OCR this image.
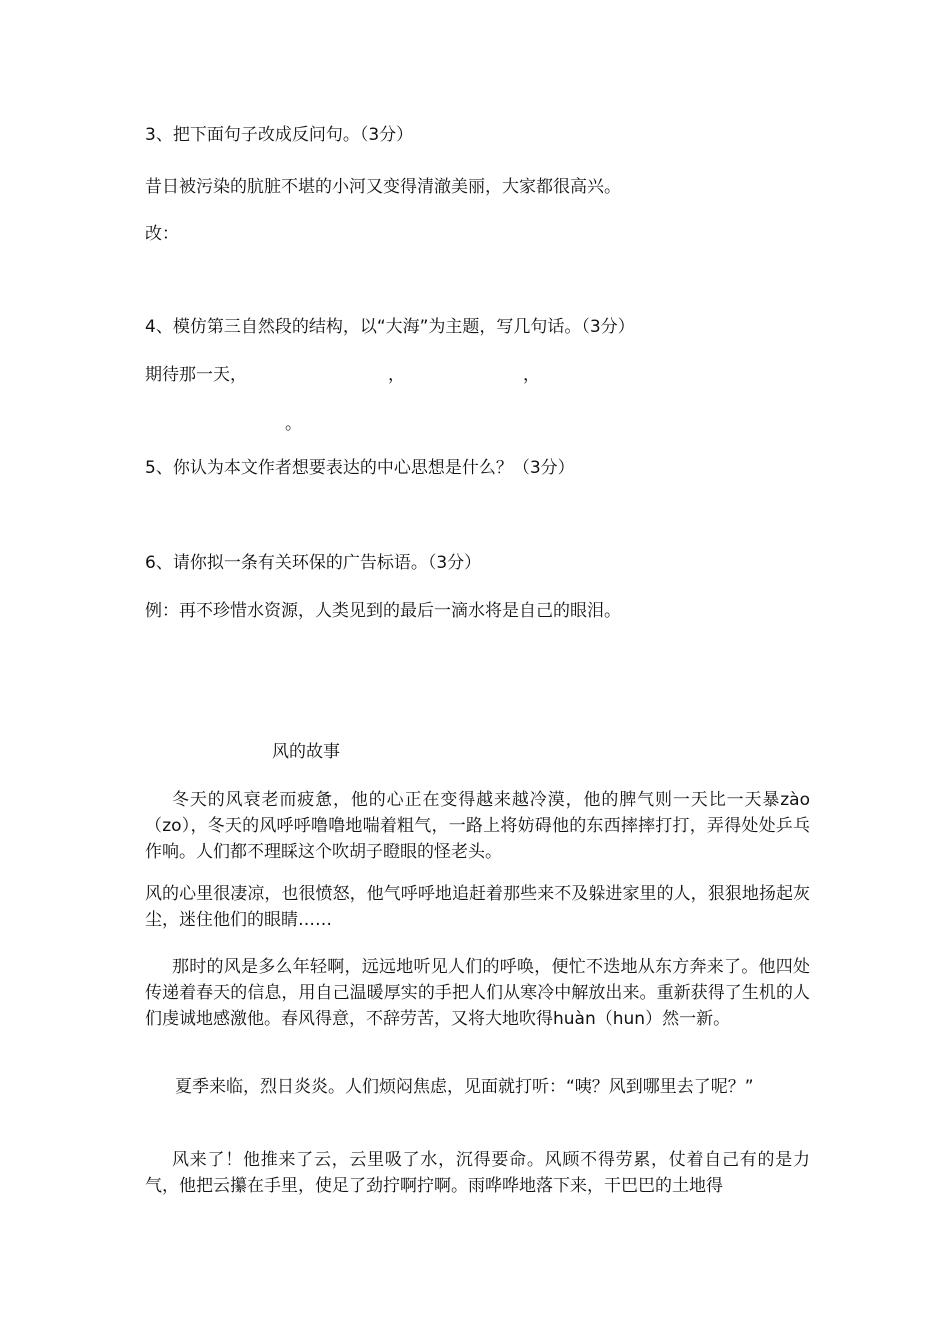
3、把下面句子改成反问句。（3分）

昔日被污染的肮脏不堪的小河又变得清澈美丽，大家都很高兴。

改：

4、模仿第三自然段的结构，以“大海”为主题，写几句话。（3分）

期待那一天，	，	，
。

5、你认为本文作者想要表达的中心思想是什么？（3分）

6、请你拟一条有关环保的广告标语。（3分）

例：再不珍惜水资源，人类见到的最后一滴水将是自己的眼泪。

风的故事

冬天的风衰老而疲惫，他的心正在变得越来越冷漠，他的脾气则一天比一天暴zào（zo），冬天的风呼呼噜噜地喘着粗气，一路上将妨碍他的东西摔摔打打，弄得处处乒乓作响。人们都不理睬这个吹胡子瞪眼的怪老头。

风的心里很凄凉，也很愤怒，他气呼呼地追赶着那些来不及躲进家里的人，狠狠地扬起灰尘，迷住他们的眼睛……

那时的风是多么年轻啊，远远地听见人们的呼唤，便忙不迭地从东方奔来了。他四处传递着春天的信息，用自己温暖厚实的手把人们从寒冷中解放出来。重新获得了生机的人们虔诚地感激他。春风得意，不辞劳苦，又将大地吹得huàn（hun）然一新。

夏季来临，烈日炎炎。人们烦闷焦虑，见面就打听：“咦？风到哪里去了呢？”

风来了！他推来了云，云里吸了水，沉得要命。风顾不得劳累，仗着自己有的是力气，他把云攥在手里，使足了劲拧啊拧啊。雨哗哗地落下来，干巴巴的土地得
